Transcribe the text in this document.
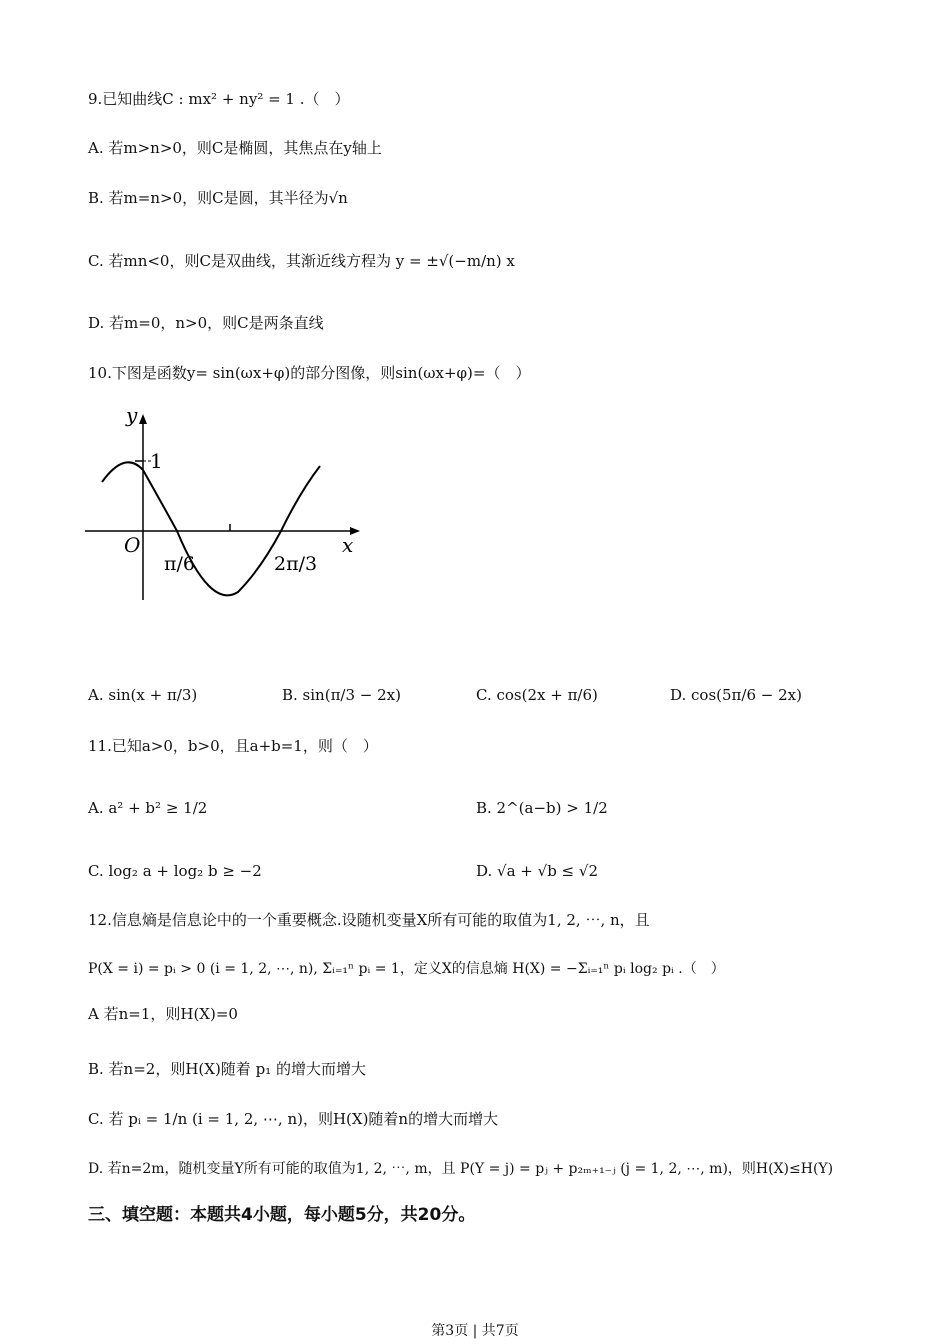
9.已知曲线C : mx² + ny² = 1 .（　）
A. 若m>n>0，则C是椭圆，其焦点在y轴上
B. 若m=n>0，则C是圆，其半径为√n
C. 若mn<0，则C是双曲线，其渐近线方程为 y = ±√(−m/n) x
D. 若m=0，n>0，则C是两条直线
10.下图是函数y= sin(ωx+φ)的部分图像，则sin(ωx+φ)=（　）
y
x
O
1
π/6	2π/3
A. sin(x + π/3)	B. sin(π/3 − 2x)	C. cos(2x + π/6)	D. cos(5π/6 − 2x)
11.已知a>0，b>0，且a+b=1，则（　）
A. a² + b² ≥ 1/2	B. 2^(a−b) > 1/2
C. log₂ a + log₂ b ≥ −2	D. √a + √b ≤ √2
12.信息熵是信息论中的一个重要概念.设随机变量X所有可能的取值为1, 2, ⋯, n，且
P(X = i) = pᵢ > 0 (i = 1, 2, ⋯, n), Σᵢ₌₁ⁿ pᵢ = 1，定义X的信息熵 H(X) = −Σᵢ₌₁ⁿ pᵢ log₂ pᵢ .（　）
A 若n=1，则H(X)=0
B. 若n=2，则H(X)随着 p₁ 的增大而增大
C. 若 pᵢ = 1/n (i = 1, 2, ⋯, n)，则H(X)随着n的增大而增大
D. 若n=2m，随机变量Y所有可能的取值为1, 2, ⋯, m，且 P(Y = j) = pⱼ + p₂ₘ₊₁₋ⱼ (j = 1, 2, ⋯, m)，则H(X)≤H(Y)
三、填空题：本题共4小题，每小题5分，共20分。
第3页 | 共7页
